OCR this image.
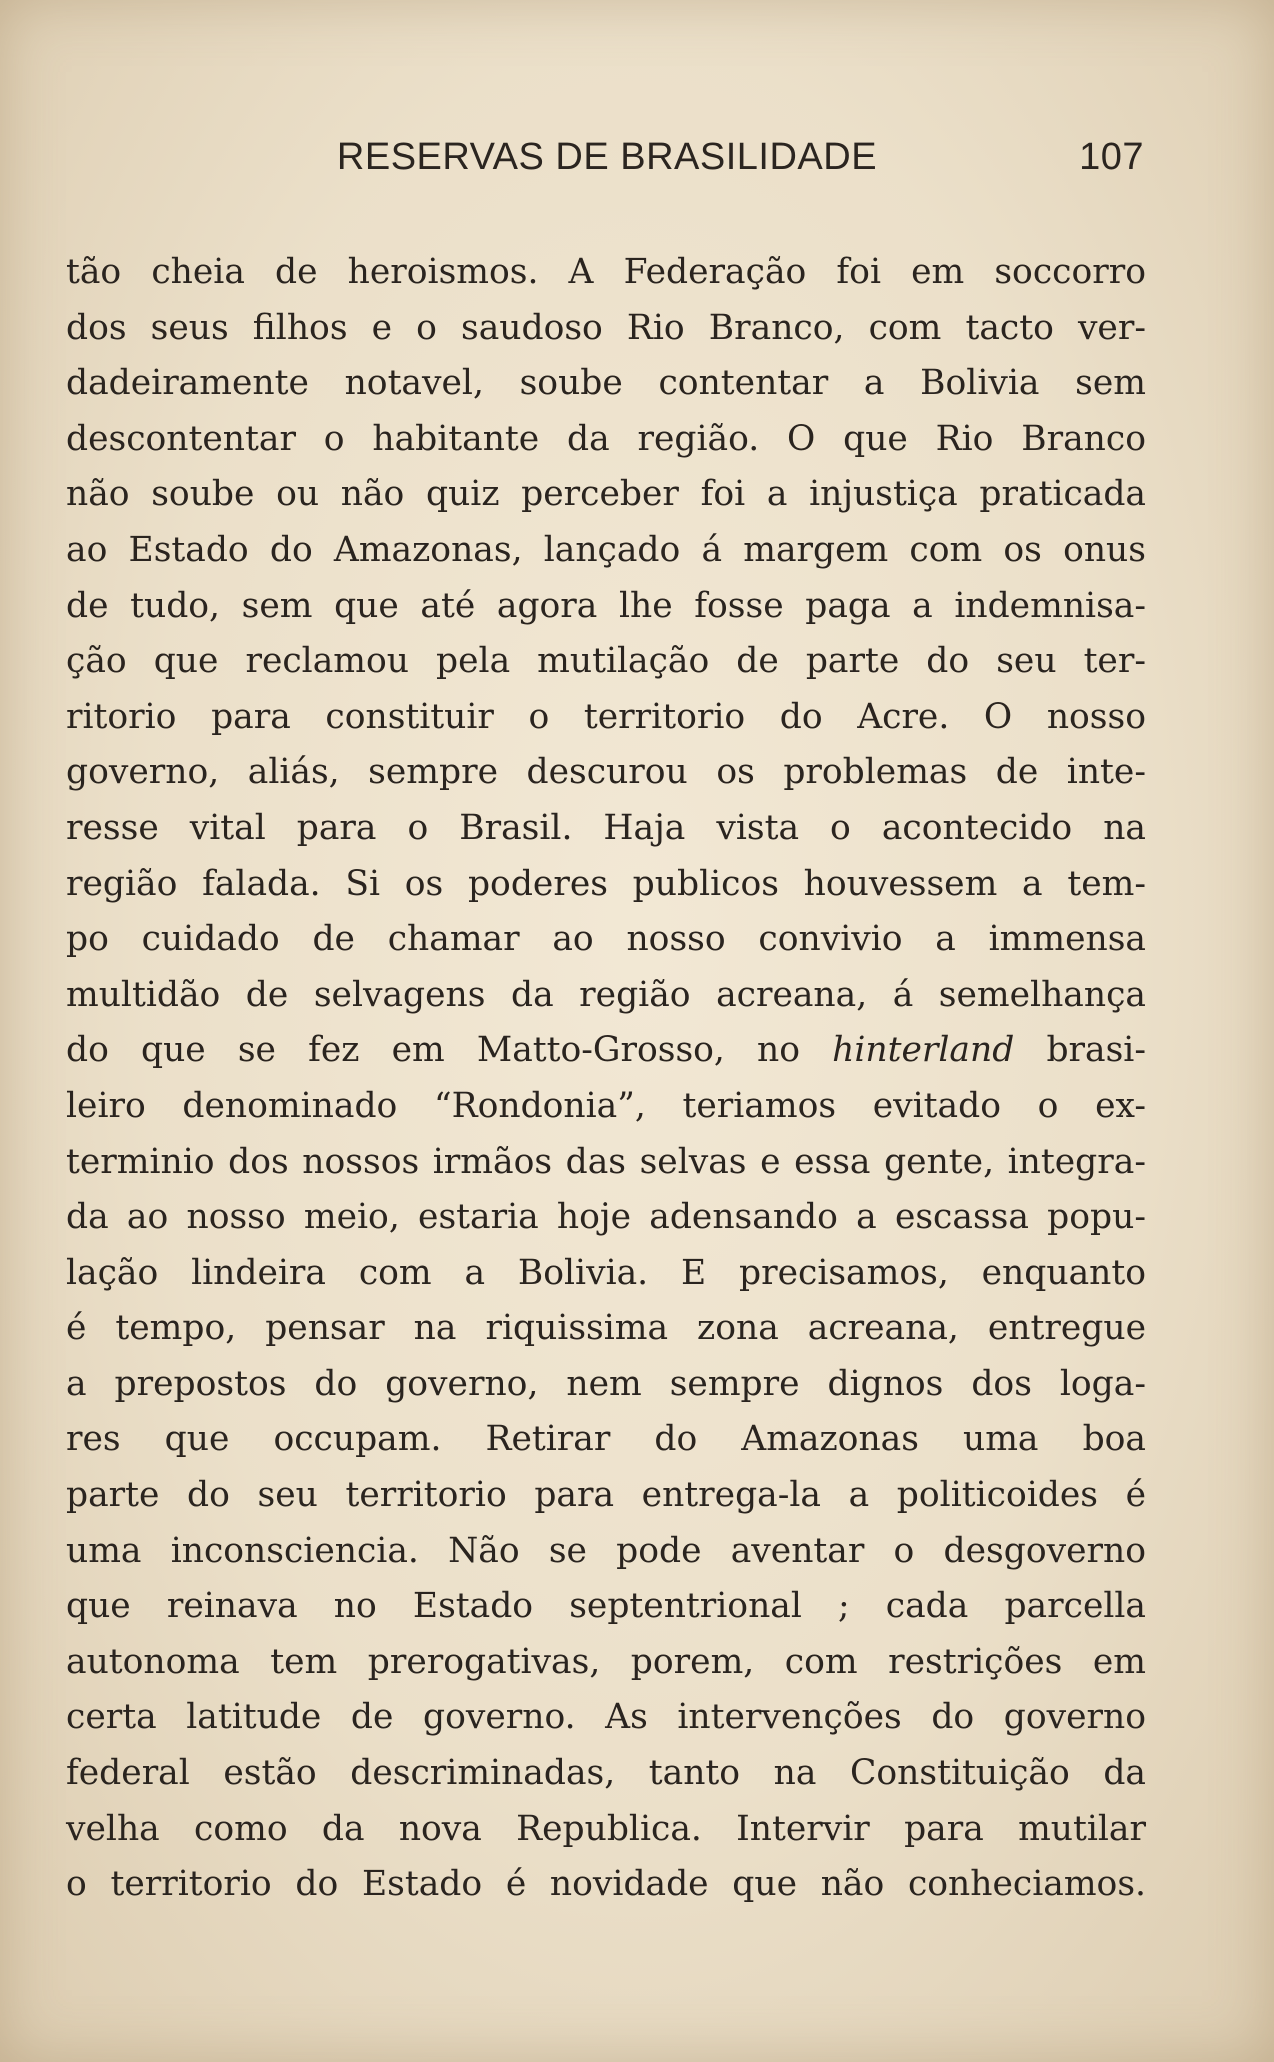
RESERVAS DE BRASILIDADE	107
tão cheia de heroismos. A Federação foi em soccorro
dos seus filhos e o saudoso Rio Branco, com tacto ver-
dadeiramente notavel, soube contentar a Bolivia sem
descontentar o habitante da região. O que Rio Branco
não soube ou não quiz perceber foi a injustiça praticada
ao Estado do Amazonas, lançado á margem com os onus
de tudo, sem que até agora lhe fosse paga a indemnisa-
ção que reclamou pela mutilação de parte do seu ter-
ritorio para constituir o territorio do Acre. O nosso
governo, aliás, sempre descurou os problemas de inte-
resse vital para o Brasil. Haja vista o acontecido na
região falada. Si os poderes publicos houvessem a tem-
po cuidado de chamar ao nosso convivio a immensa
multidão de selvagens da região acreana, á semelhança
do que se fez em Matto-Grosso, no hinterland brasi-
leiro denominado “Rondonia”, teriamos evitado o ex-
terminio dos nossos irmãos das selvas e essa gente, integra-
da ao nosso meio, estaria hoje adensando a escassa popu-
lação lindeira com a Bolivia. E precisamos, enquanto
é tempo, pensar na riquissima zona acreana, entregue
a prepostos do governo, nem sempre dignos dos loga-
res que occupam. Retirar do Amazonas uma boa
parte do seu territorio para entrega-la a politicoides é
uma inconsciencia. Não se pode aventar o desgoverno
que reinava no Estado septentrional ; cada parcella
autonoma tem prerogativas, porem, com restrições em
certa latitude de governo. As intervenções do governo
federal estão descriminadas, tanto na Constituição da
velha como da nova Republica. Intervir para mutilar
o territorio do Estado é novidade que não conheciamos.
